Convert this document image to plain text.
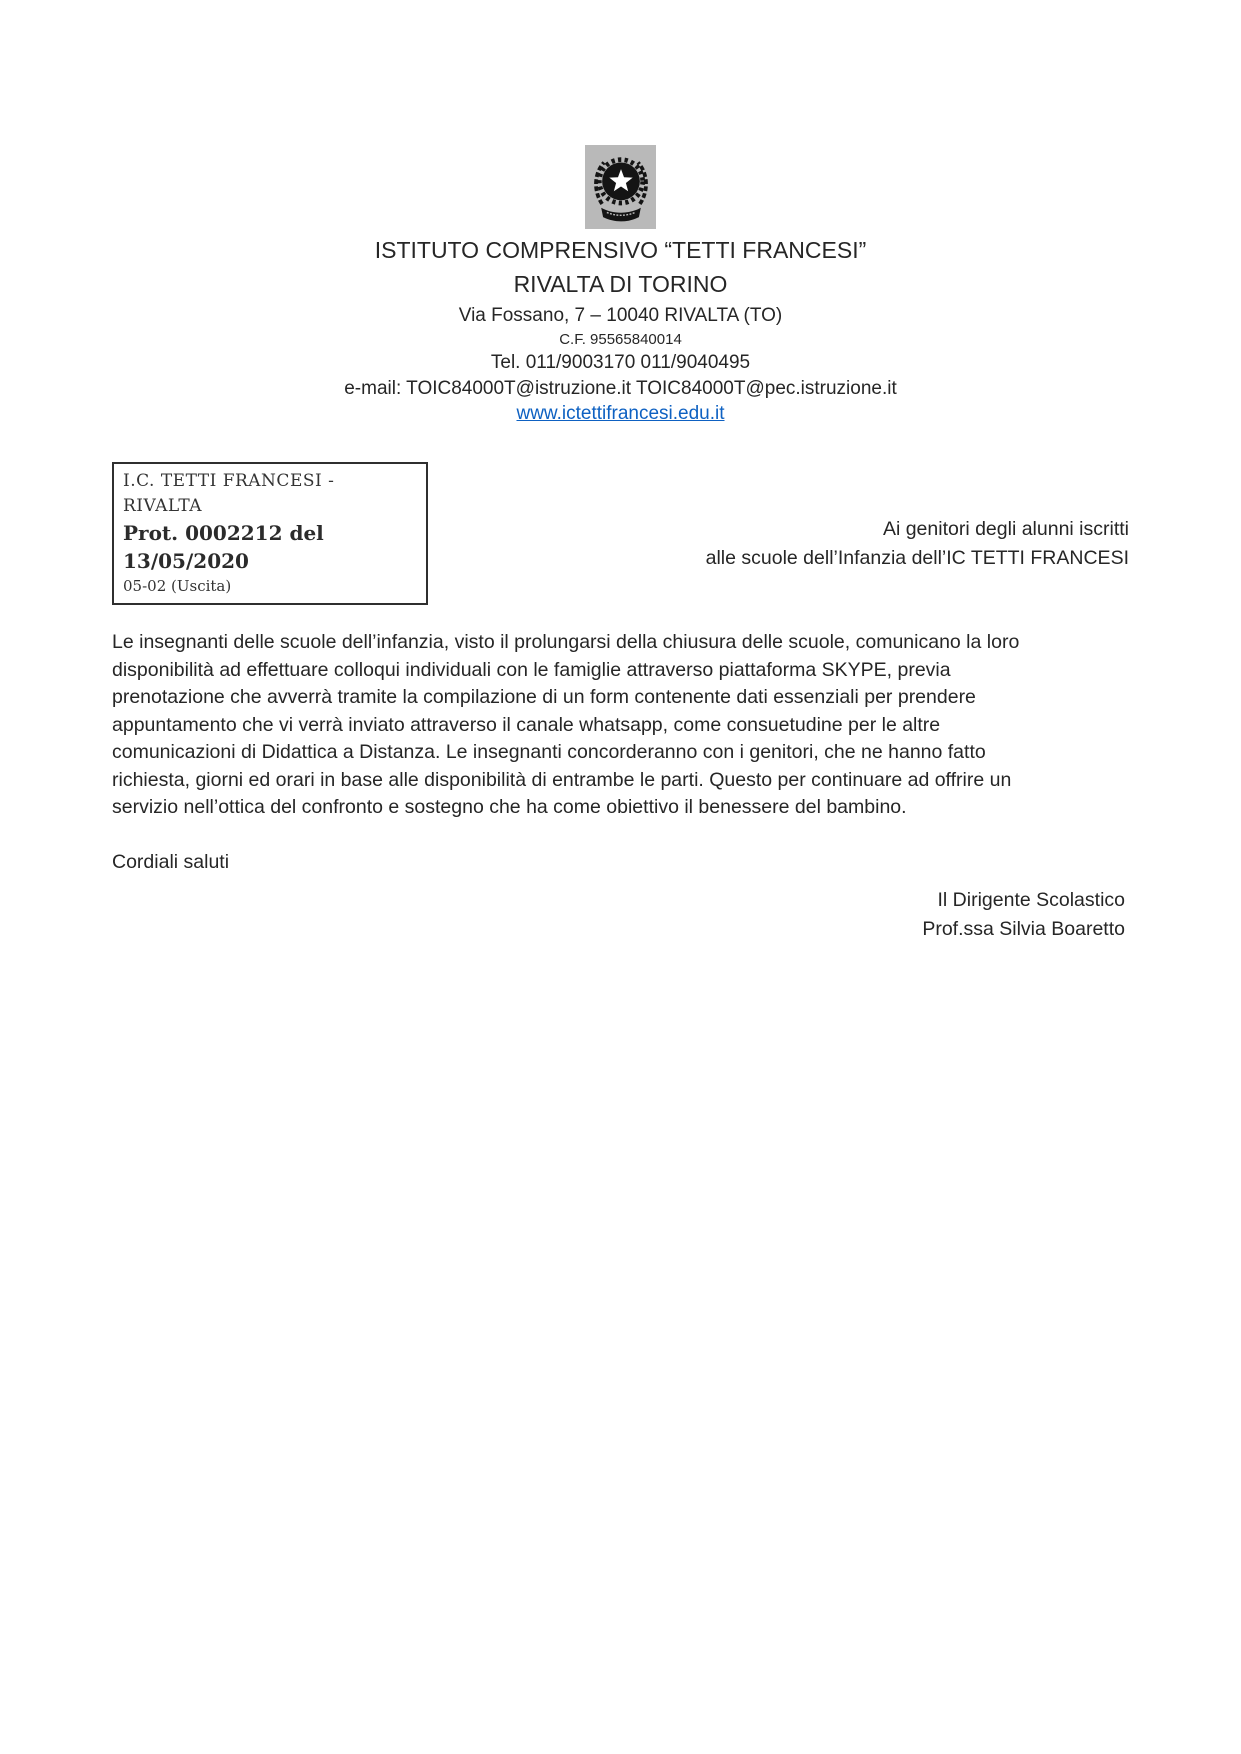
ISTITUTO COMPRENSIVO “TETTI FRANCESI”
RIVALTA DI TORINO
Via Fossano, 7 – 10040 RIVALTA (TO)
C.F. 95565840014
Tel. 011/9003170 011/9040495
e-mail: TOIC84000T@istruzione.it TOIC84000T@pec.istruzione.it
www.ictettifrancesi.edu.it
I.C. TETTI FRANCESI - RIVALTA
Prot. 0002212 del 13/05/2020
05-02 (Uscita)
Ai genitori degli alunni iscritti
alle scuole dell’Infanzia dell’IC TETTI FRANCESI
Le insegnanti delle scuole dell’infanzia, visto il prolungarsi della chiusura delle scuole, comunicano la loro
disponibilità ad effettuare colloqui individuali con le famiglie attraverso piattaforma SKYPE, previa
prenotazione che avverrà tramite la compilazione di un form contenente dati essenziali per prendere
appuntamento che vi verrà inviato attraverso il canale whatsapp, come consuetudine per le altre
comunicazioni di Didattica a Distanza. Le insegnanti concorderanno con i genitori, che ne hanno fatto
richiesta, giorni ed orari in base alle disponibilità di entrambe le parti. Questo per continuare ad offrire un
servizio nell’ottica del confronto e sostegno che ha come obiettivo il benessere del bambino.
Cordiali saluti
Il Dirigente Scolastico
Prof.ssa Silvia Boaretto
